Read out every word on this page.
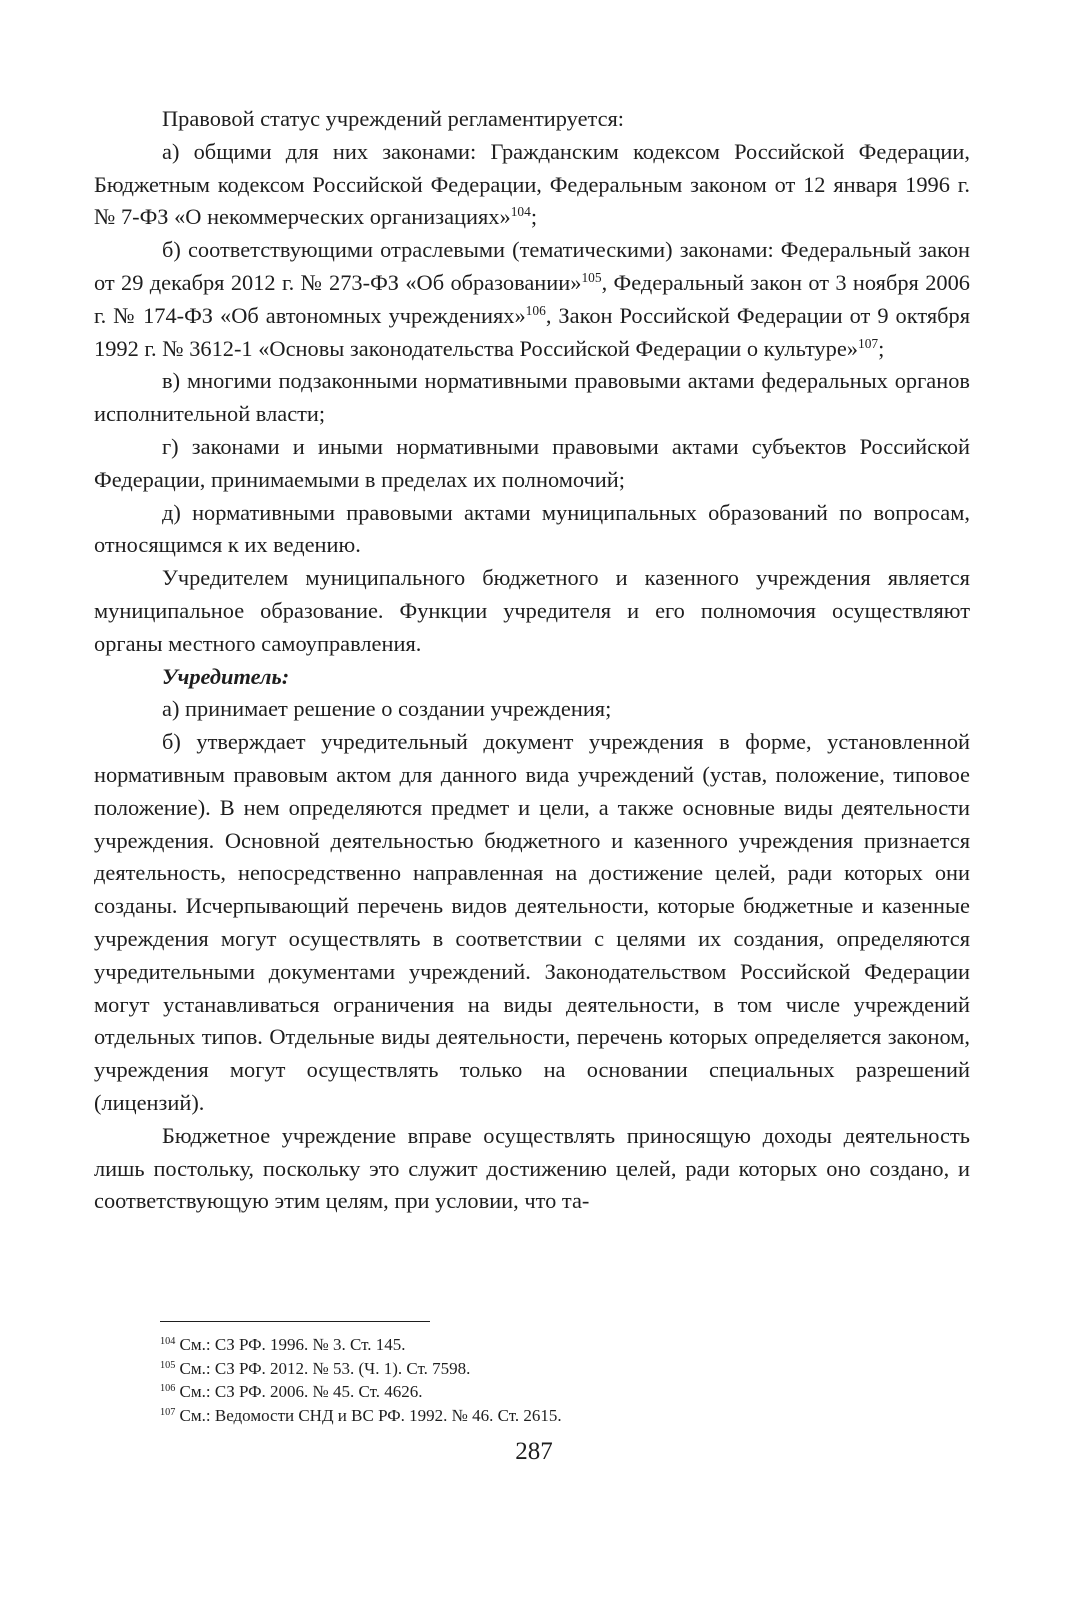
Правовой статус учреждений регламентируется:

а) общими для них законами: Гражданским кодексом Российской Федерации, Бюджетным кодексом Российской Федерации, Федеральным законом от 12 января 1996 г. № 7-ФЗ «О некоммерческих организациях»$^{104}$;

б) соответствующими отраслевыми (тематическими) законами: Федеральный закон от 29 декабря 2012 г. № 273-ФЗ «Об образовании»$^{105}$, Федеральный закон от 3 ноября 2006 г. № 174-ФЗ «Об автономных учреждениях»$^{106}$, Закон Российской Федерации от 9 октября 1992 г. № 3612-1 «Основы законодательства Российской Федерации о культуре»$^{107}$;

в) многими подзаконными нормативными правовыми актами федеральных органов исполнительной власти;

г) законами и иными нормативными правовыми актами субъектов Российской Федерации, принимаемыми в пределах их полномочий;

д) нормативными правовыми актами муниципальных образований по вопросам, относящимся к их ведению.

Учредителем муниципального бюджетного и казенного учреждения является муниципальное образование. Функции учредителя и его полномочия осуществляют органы местного самоуправления.

Учредитель:

а) принимает решение о создании учреждения;

б) утверждает учредительный документ учреждения в форме, установленной нормативным правовым актом для данного вида учреждений (устав, положение, типовое положение). В нем определяются предмет и цели, а также основные виды деятельности учреждения. Основной деятельностью бюджетного и казенного учреждения признается деятельность, непосредственно направленная на достижение целей, ради которых они созданы. Исчерпывающий перечень видов деятельности, которые бюджетные и казенные учреждения могут осуществлять в соответствии с целями их создания, определяются учредительными документами учреждений. Законодательством Российской Федерации могут устанавливаться ограничения на виды деятельности, в том числе учреждений отдельных типов. Отдельные виды деятельности, перечень которых определяется законом, учреждения могут осуществлять только на основании специальных разрешений (лицензий).

Бюджетное учреждение вправе осуществлять приносящую доходы деятельность лишь постольку, поскольку это служит достижению целей, ради которых оно создано, и соответствующую этим целям, при условии, что та-

$^{104}$ См.: СЗ РФ. 1996. № 3. Ст. 145.
$^{105}$ См.: СЗ РФ. 2012. № 53. (Ч. 1). Ст. 7598.
$^{106}$ См.: СЗ РФ. 2006. № 45. Ст. 4626.
$^{107}$ См.: Ведомости СНД и ВС РФ. 1992. № 46. Ст. 2615.
287
